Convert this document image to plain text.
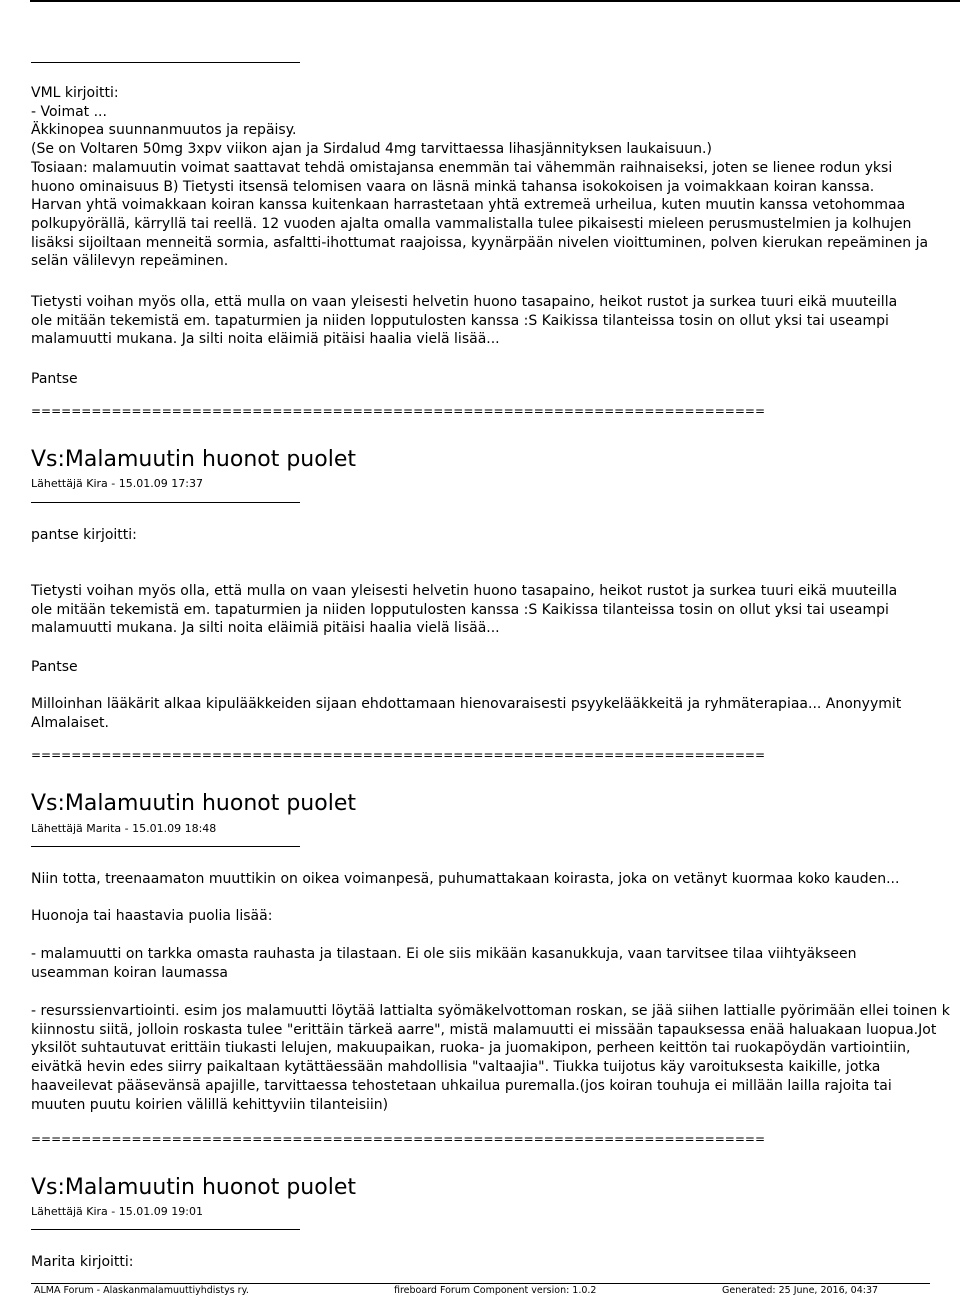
VML kirjoitti:
- Voimat ...
Äkkinopea suunnanmuutos ja repäisy.
(Se on Voltaren 50mg 3xpv viikon ajan ja Sirdalud 4mg tarvittaessa lihasjännityksen laukaisuun.)
Tosiaan: malamuutin voimat saattavat tehdä omistajansa enemmän tai vähemmän raihnaiseksi, joten se lienee rodun yksi
huono ominaisuus B) Tietysti itsensä telomisen vaara on läsnä minkä tahansa isokokoisen ja voimakkaan koiran kanssa.
Harvan yhtä voimakkaan koiran kanssa kuitenkaan harrastetaan yhtä extremeä urheilua, kuten muutin kanssa vetohommaa
polkupyörällä, kärryllä tai reellä. 12 vuoden ajalta omalla vammalistalla tulee pikaisesti mieleen perusmustelmien ja kolhujen
lisäksi sijoiltaan menneitä sormia, asfaltti-ihottumat raajoissa, kyynärpään nivelen vioittuminen, polven kierukan repeäminen ja
selän välilevyn repeäminen.
Tietysti voihan myös olla, että mulla on vaan yleisesti helvetin huono tasapaino, heikot rustot ja surkea tuuri eikä muuteilla
ole mitään tekemistä em. tapaturmien ja niiden lopputulosten kanssa :S Kaikissa tilanteissa tosin on ollut yksi tai useampi
malamuutti mukana. Ja silti noita eläimiä pitäisi haalia vielä lisää...
Pantse
=========================================================================
Vs:Malamuutin huonot puolet
Lähettäjä Kira - 15.01.09 17:37
pantse kirjoitti:
Tietysti voihan myös olla, että mulla on vaan yleisesti helvetin huono tasapaino, heikot rustot ja surkea tuuri eikä muuteilla
ole mitään tekemistä em. tapaturmien ja niiden lopputulosten kanssa :S Kaikissa tilanteissa tosin on ollut yksi tai useampi
malamuutti mukana. Ja silti noita eläimiä pitäisi haalia vielä lisää...
Pantse
Milloinhan lääkärit alkaa kipulääkkeiden sijaan ehdottamaan hienovaraisesti psyykelääkkeitä ja ryhmäterapiaa... Anonyymit
Almalaiset.
=========================================================================
Vs:Malamuutin huonot puolet
Lähettäjä Marita - 15.01.09 18:48
Niin totta, treenaamaton muuttikin on oikea voimanpesä, puhumattakaan koirasta, joka on vetänyt kuormaa koko kauden...
Huonoja tai haastavia puolia lisää:
- malamuutti on tarkka omasta rauhasta ja tilastaan. Ei ole siis mikään kasanukkuja, vaan tarvitsee tilaa viihtyäkseen
useamman koiran laumassa
- resurssienvartiointi. esim jos malamuutti löytää lattialta syömäkelvottoman roskan, se jää siihen lattialle pyörimään ellei toinen k
kiinnostu siitä, jolloin roskasta tulee "erittäin tärkeä aarre", mistä malamuutti ei missään tapauksessa enää haluakaan luopua.Jot
yksilöt suhtautuvat erittäin tiukasti lelujen, makuupaikan, ruoka- ja juomakipon, perheen keittön tai ruokapöydän vartiointiin,
eivätkä hevin edes siirry paikaltaan kytättäessään mahdollisia "valtaajia". Tiukka tuijotus käy varoituksesta kaikille, jotka
haaveilevat pääsevänsä apajille, tarvittaessa tehostetaan uhkailua puremalla.(jos koiran touhuja ei millään lailla rajoita tai
muuten puutu koirien välillä kehittyviin tilanteisiin)
=========================================================================
Vs:Malamuutin huonot puolet
Lähettäjä Kira - 15.01.09 19:01
Marita kirjoitti:
ALMA Forum - Alaskanmalamuuttiyhdistys ry.	fireboard Forum Component version: 1.0.2	Generated: 25 June, 2016, 04:37
